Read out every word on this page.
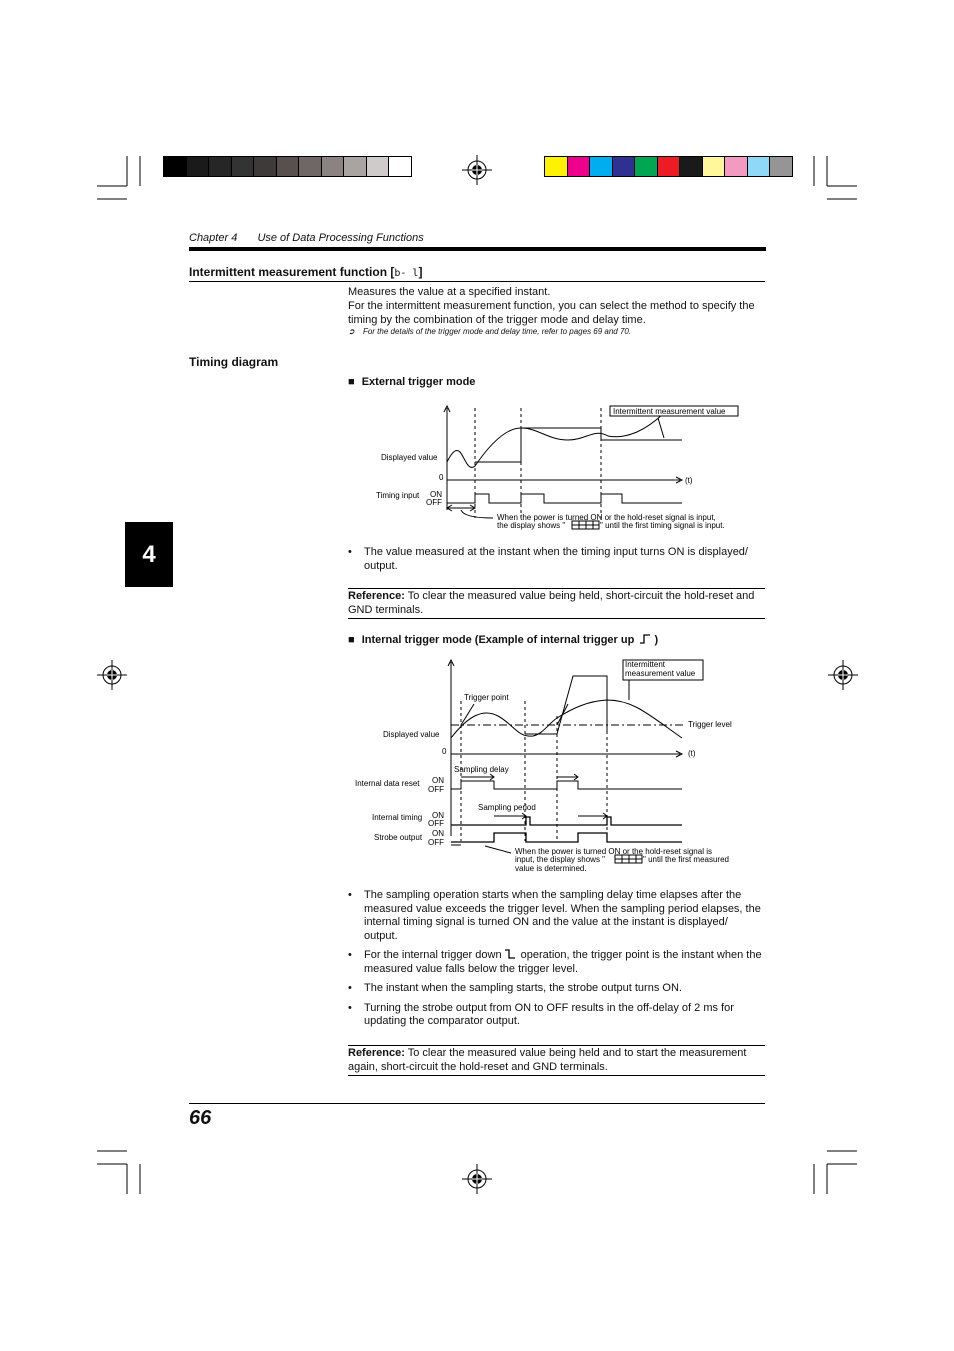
Chapter 4 Use of Data Processing Functions
4
Intermittent measurement function [b- l]
Measures the value at a specified instant.
For the intermittent measurement function, you can select the method to specify the timing by the combination of the trigger mode and delay time.
➲ For the details of the trigger mode and delay time, refer to pages 69 and 70.
Timing diagram
■ External trigger mode
Intermittent measurement value
Displayed value
0	(t)
Timing input ON
OFF
When the power is turned ON or the hold-reset signal is input,
the display shows "	" until the first timing signal is input.
• The value measured at the instant when the timing input turns ON is displayed/ output.
Reference: To clear the measured value being held, short-circuit the hold-reset and GND terminals.
■ Internal trigger mode (Example of internal trigger up )
Intermittent
measurement value
Trigger point
Trigger level
Displayed value
0	(t)
Sampling delay
Internal data reset ON
OFF
Sampling period
Internal timing ON
OFF
Strobe output ON
OFF
When the power is turned ON or the hold-reset signal is
input, the display shows "	" until the first measured
value is determined.
• The sampling operation starts when the sampling delay time elapses after the measured value exceeds the trigger level. When the sampling period elapses, the internal timing signal is turned ON and the value at the instant is displayed/ output.
• For the internal trigger down operation, the trigger point is the instant when the measured value falls below the trigger level.
• The instant when the sampling starts, the strobe output turns ON.
• Turning the strobe output from ON to OFF results in the off-delay of 2 ms for updating the comparator output.
Reference: To clear the measured value being held and to start the measurement again, short-circuit the hold-reset and GND terminals.
66
